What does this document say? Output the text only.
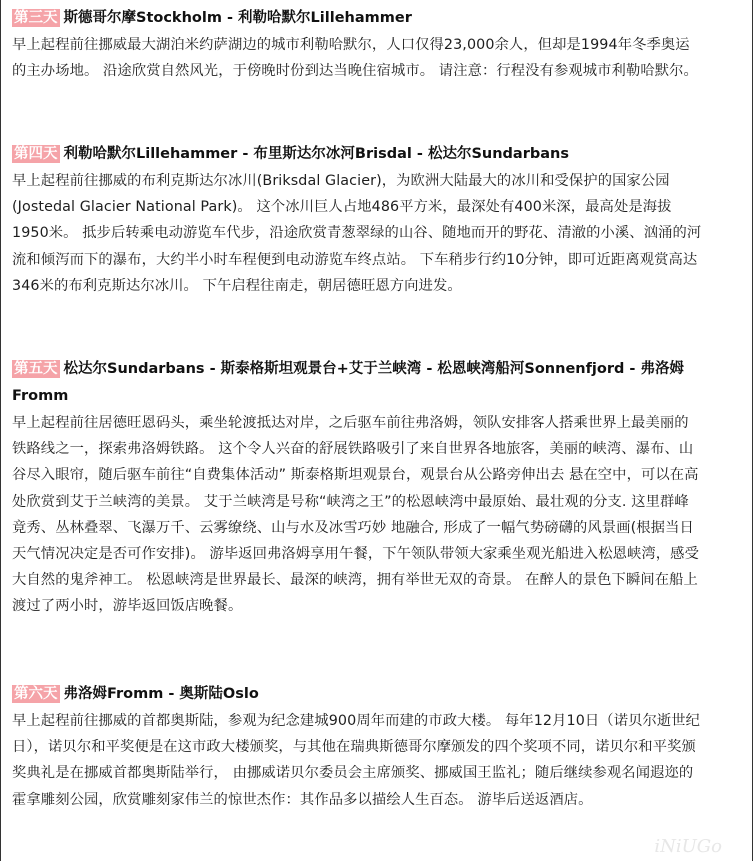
第三天 斯德哥尔摩Stockholm - 利勒哈默尔Lillehammer

早上起程前往挪威最大湖泊米约萨湖边的城市利勒哈默尔，人口仅得23,000余人，但却是1994年冬季奥运的主办场地。 沿途欣赏自然风光，于傍晚时份到达当晚住宿城市。 请注意：行程没有参观城市利勒哈默尔。

第四天 利勒哈默尔Lillehammer - 布里斯达尔冰河Brisdal - 松达尔Sundarbans

早上起程前往挪威的布利克斯达尔冰川(Briksdal Glacier)，为欧洲大陆最大的冰川和受保护的国家公园 (Jostedal Glacier National Park)。 这个冰川巨人占地486平方米，最深处有400米深，最高处是海拔1950米。 抵步后转乘电动游览车代步，沿途欣赏青葱翠绿的山谷、随地而开的野花、清澈的小溪、汹涌的河流和倾泻而下的瀑布，大约半小时车程便到电动游览车终点站。 下车稍步行约10分钟，即可近距离观赏高达346米的布利克斯达尔冰川。 下午启程往南走，朝居德旺恩方向进发。

第五天 松达尔Sundarbans - 斯泰格斯坦观景台+艾于兰峡湾 - 松恩峡湾船河Sonnenfjord - 弗洛姆Fromm

早上起程前往居德旺恩码头，乘坐轮渡抵达对岸，之后驱车前往弗洛姆，领队安排客人搭乘世界上最美丽的铁路线之一，探索弗洛姆铁路。 这个令人兴奋的舒展铁路吸引了来自世界各地旅客，美丽的峡湾、瀑布、山谷尽入眼帘，随后驱车前往“自费集体活动” 斯泰格斯坦观景台，观景台从公路旁伸出去 悬在空中，可以在高处欣赏到艾于兰峡湾的美景。 艾于兰峡湾是号称“峡湾之王”的松恩峡湾中最原始、最壮观的分支. 这里群峰竟秀、丛林叠翠、飞瀑万千、云雾缭绕、山与水及冰雪巧妙 地融合, 形成了一幅气势磅礴的风景画(根据当日天气情况决定是否可作安排)。 游毕返回弗洛姆享用午餐，下午领队带领大家乘坐观光船进入松恩峡湾，感受大自然的鬼斧神工。 松恩峡湾是世界最长、最深的峡湾，拥有举世无双的奇景。 在醉人的景色下瞬间在船上渡过了两小时，游毕返回饭店晚餐。

第六天 弗洛姆Fromm - 奥斯陆Oslo

早上起程前往挪威的首都奥斯陆，参观为纪念建城900周年而建的市政大楼。 每年12月10日（诺贝尔逝世纪日），诺贝尔和平奖便是在这市政大楼颁奖，与其他在瑞典斯德哥尔摩颁发的四个奖项不同，诺贝尔和平奖颁奖典礼是在挪威首都奥斯陆举行， 由挪威诺贝尔委员会主席颁奖、挪威国王监礼；随后继续参观名闻遐迩的霍拿雕刻公园，欣赏雕刻家伟兰的惊世杰作：其作品多以描绘人生百态。 游毕后送返酒店。

iNiUGo
